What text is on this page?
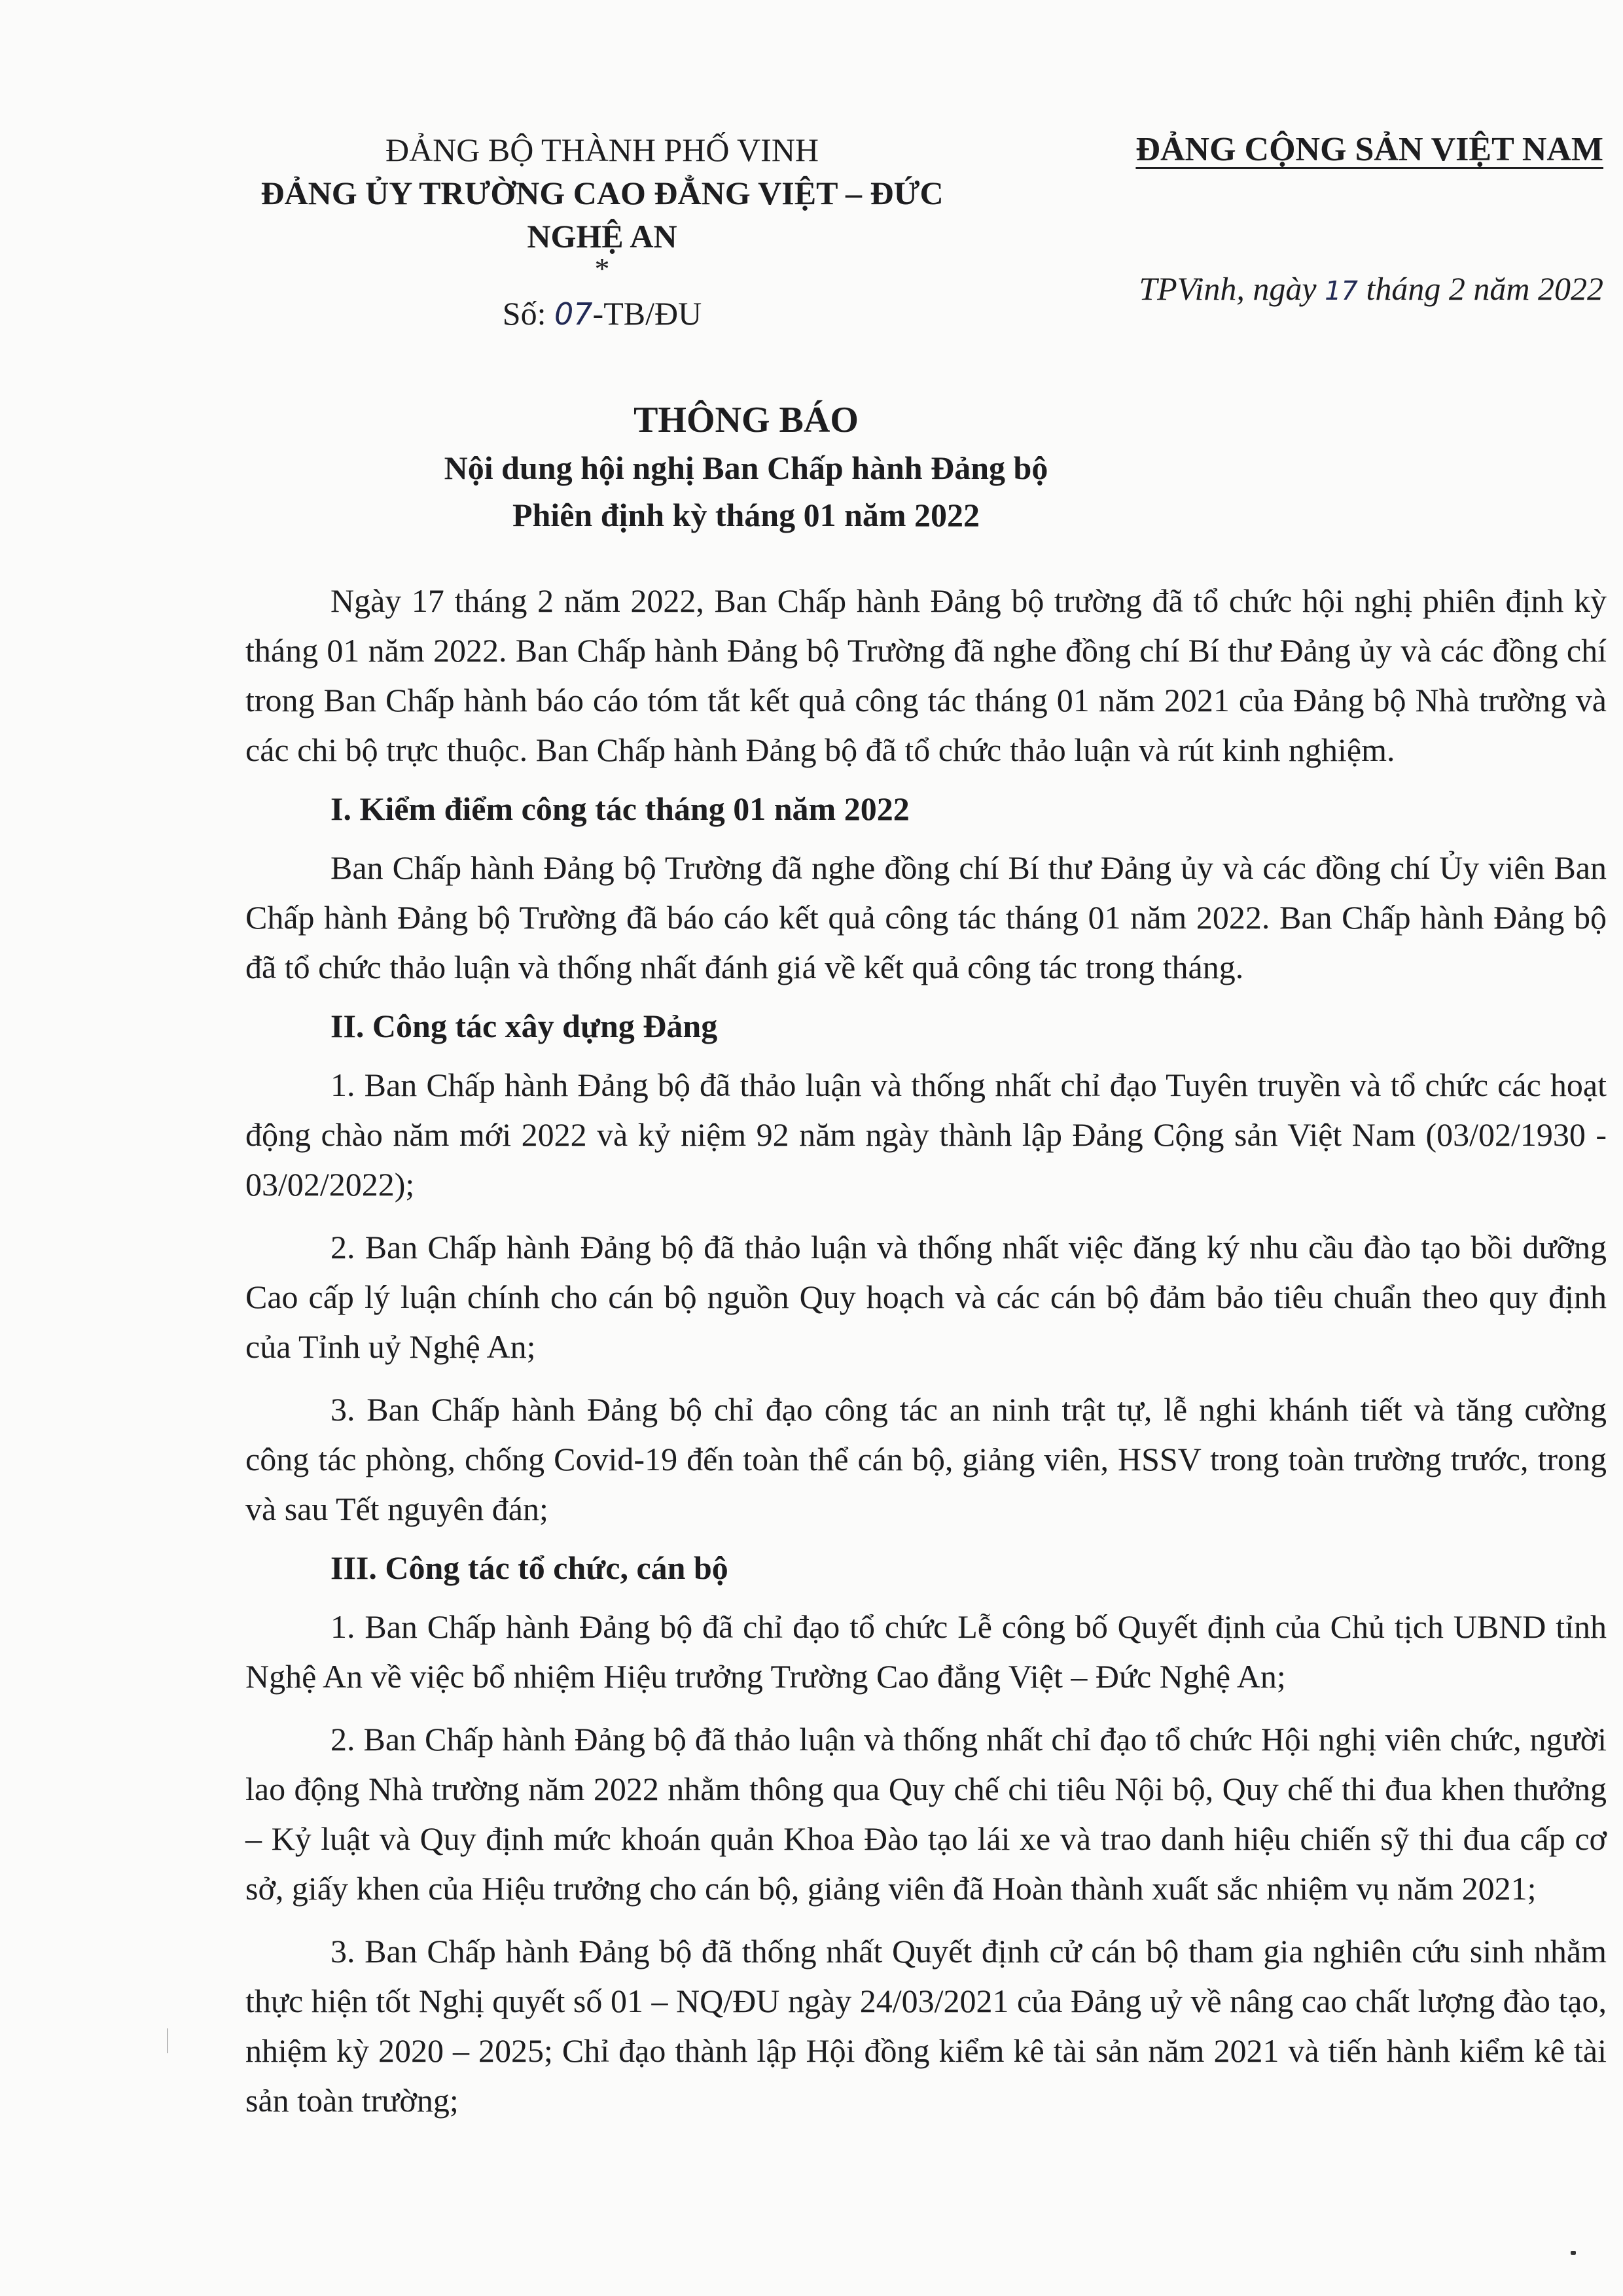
ĐẢNG BỘ THÀNH PHỐ VINH
ĐẢNG ỦY TRƯỜNG CAO ĐẲNG VIỆT – ĐỨC
NGHỆ AN
*
Số: 07-TB/ĐU
ĐẢNG CỘNG SẢN VIỆT NAM
TPVinh, ngày 17 tháng 2 năm 2022
THÔNG BÁO
Nội dung hội nghị Ban Chấp hành Đảng bộ
Phiên định kỳ tháng 01 năm 2022

Ngày 17 tháng 2 năm 2022, Ban Chấp hành Đảng bộ trường đã tổ chức hội nghị phiên định kỳ tháng 01 năm 2022. Ban Chấp hành Đảng bộ Trường đã nghe đồng chí Bí thư Đảng ủy và các đồng chí trong Ban Chấp hành báo cáo tóm tắt kết quả công tác tháng 01 năm 2021 của Đảng bộ Nhà trường và các chi bộ trực thuộc. Ban Chấp hành Đảng bộ đã tổ chức thảo luận và rút kinh nghiệm.

I. Kiểm điểm công tác tháng 01 năm 2022

Ban Chấp hành Đảng bộ Trường đã nghe đồng chí Bí thư Đảng ủy và các đồng chí Ủy viên Ban Chấp hành Đảng bộ Trường đã báo cáo kết quả công tác tháng 01 năm 2022. Ban Chấp hành Đảng bộ đã tổ chức thảo luận và thống nhất đánh giá về kết quả công tác trong tháng.

II. Công tác xây dựng Đảng

1. Ban Chấp hành Đảng bộ đã thảo luận và thống nhất chỉ đạo Tuyên truyền và tổ chức các hoạt động chào năm mới 2022 và kỷ niệm 92 năm ngày thành lập Đảng Cộng sản Việt Nam (03/02/1930 - 03/02/2022);

2. Ban Chấp hành Đảng bộ đã thảo luận và thống nhất việc đăng ký nhu cầu đào tạo bồi dưỡng Cao cấp lý luận chính cho cán bộ nguồn Quy hoạch và các cán bộ đảm bảo tiêu chuẩn theo quy định của Tỉnh uỷ Nghệ An;

3. Ban Chấp hành Đảng bộ chỉ đạo công tác an ninh trật tự, lễ nghi khánh tiết và tăng cường công tác phòng, chống Covid-19 đến toàn thể cán bộ, giảng viên, HSSV trong toàn trường trước, trong và sau Tết nguyên đán;

III. Công tác tổ chức, cán bộ

1. Ban Chấp hành Đảng bộ đã chỉ đạo tổ chức Lễ công bố Quyết định của Chủ tịch UBND tỉnh Nghệ An về việc bổ nhiệm Hiệu trưởng Trường Cao đẳng Việt – Đức Nghệ An;

2. Ban Chấp hành Đảng bộ đã thảo luận và thống nhất chỉ đạo tổ chức Hội nghị viên chức, người lao động Nhà trường năm 2022 nhằm thông qua Quy chế chi tiêu Nội bộ, Quy chế thi đua khen thưởng – Kỷ luật và Quy định mức khoán quản Khoa Đào tạo lái xe và trao danh hiệu chiến sỹ thi đua cấp cơ sở, giấy khen của Hiệu trưởng cho cán bộ, giảng viên đã Hoàn thành xuất sắc nhiệm vụ năm 2021;

3. Ban Chấp hành Đảng bộ đã thống nhất Quyết định cử cán bộ tham gia nghiên cứu sinh nhằm thực hiện tốt Nghị quyết số 01 – NQ/ĐU ngày 24/03/2021 của Đảng uỷ về nâng cao chất lượng đào tạo, nhiệm kỳ 2020 – 2025; Chỉ đạo thành lập Hội đồng kiểm kê tài sản năm 2021 và tiến hành kiểm kê tài sản toàn trường;
